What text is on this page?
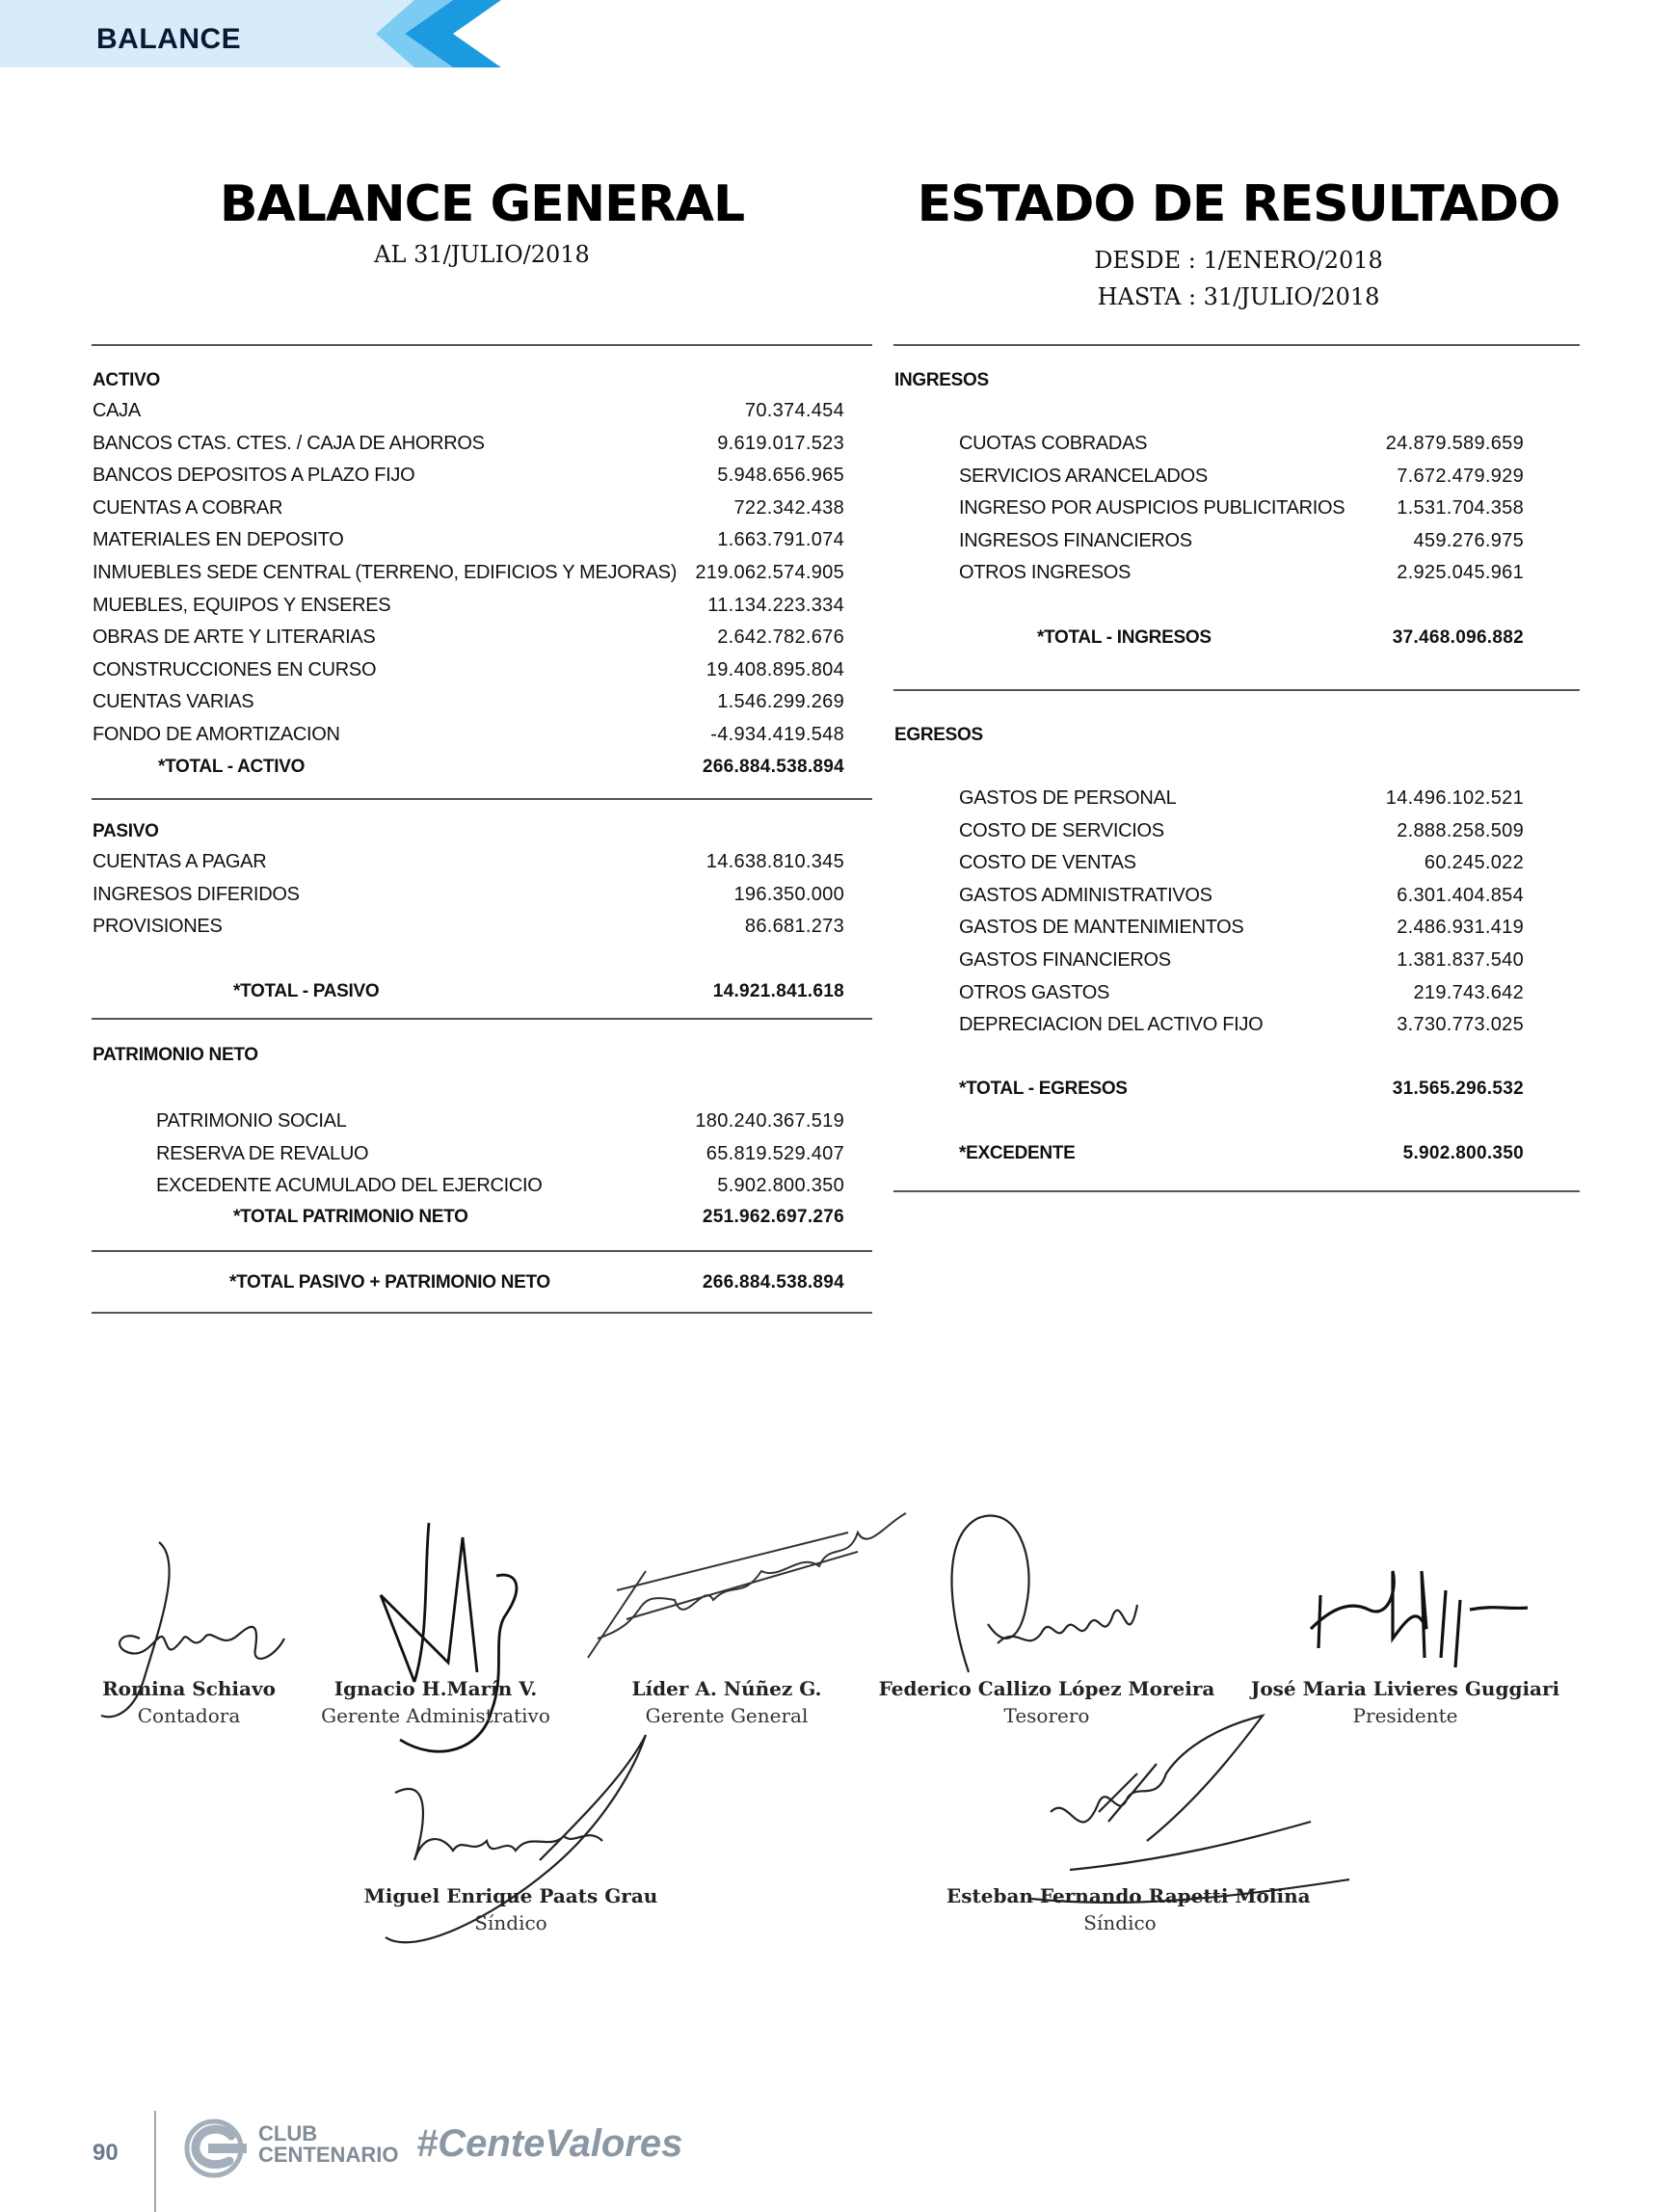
BALANCE
BALANCE GENERAL
AL 31/JULIO/2018
ESTADO DE RESULTADO
DESDE : 1/ENERO/2018
HASTA : 31/JULIO/2018
ACTIVO
CAJA	70.374.454
BANCOS CTAS. CTES. / CAJA DE AHORROS	9.619.017.523
BANCOS DEPOSITOS A PLAZO FIJO	5.948.656.965
CUENTAS A COBRAR	722.342.438
MATERIALES EN DEPOSITO	1.663.791.074
INMUEBLES SEDE CENTRAL (TERRENO, EDIFICIOS Y MEJORAS) 219.062.574.905
MUEBLES, EQUIPOS Y ENSERES	11.134.223.334
OBRAS DE ARTE Y LITERARIAS	2.642.782.676
CONSTRUCCIONES EN CURSO	19.408.895.804
CUENTAS VARIAS	1.546.299.269
FONDO DE AMORTIZACION	-4.934.419.548
*TOTAL - ACTIVO	266.884.538.894
PASIVO
CUENTAS A PAGAR	14.638.810.345
INGRESOS DIFERIDOS	196.350.000
PROVISIONES	86.681.273
*TOTAL - PASIVO	14.921.841.618
PATRIMONIO NETO
PATRIMONIO SOCIAL	180.240.367.519
RESERVA DE REVALUO	65.819.529.407
EXCEDENTE ACUMULADO DEL EJERCICIO	5.902.800.350
*TOTAL PATRIMONIO NETO	251.962.697.276
*TOTAL PASIVO + PATRIMONIO NETO	266.884.538.894
INGRESOS
CUOTAS COBRADAS	24.879.589.659
SERVICIOS ARANCELADOS	7.672.479.929
INGRESO POR AUSPICIOS PUBLICITARIOS	1.531.704.358
INGRESOS FINANCIEROS	459.276.975
OTROS INGRESOS	2.925.045.961
*TOTAL - INGRESOS	37.468.096.882
EGRESOS
GASTOS DE PERSONAL	14.496.102.521
COSTO DE SERVICIOS	2.888.258.509
COSTO DE VENTAS	60.245.022
GASTOS ADMINISTRATIVOS	6.301.404.854
GASTOS DE MANTENIMIENTOS	2.486.931.419
GASTOS FINANCIEROS	1.381.837.540
OTROS GASTOS	219.743.642
DEPRECIACION DEL ACTIVO FIJO	3.730.773.025
*TOTAL - EGRESOS	31.565.296.532
*EXCEDENTE	5.902.800.350
Romina Schiavo
Contadora
Ignacio H.Marín V.
Gerente Administrativo
Líder A. Núñez G.
Gerente General
Federico Callizo López Moreira
Tesorero
José Maria Livieres Guggiari
Presidente
Miguel Enrique Paats Grau
Síndico
Esteban Fernando Rapetti Molina
Síndico
90
CLUB
CENTENARIO #CenteValores
